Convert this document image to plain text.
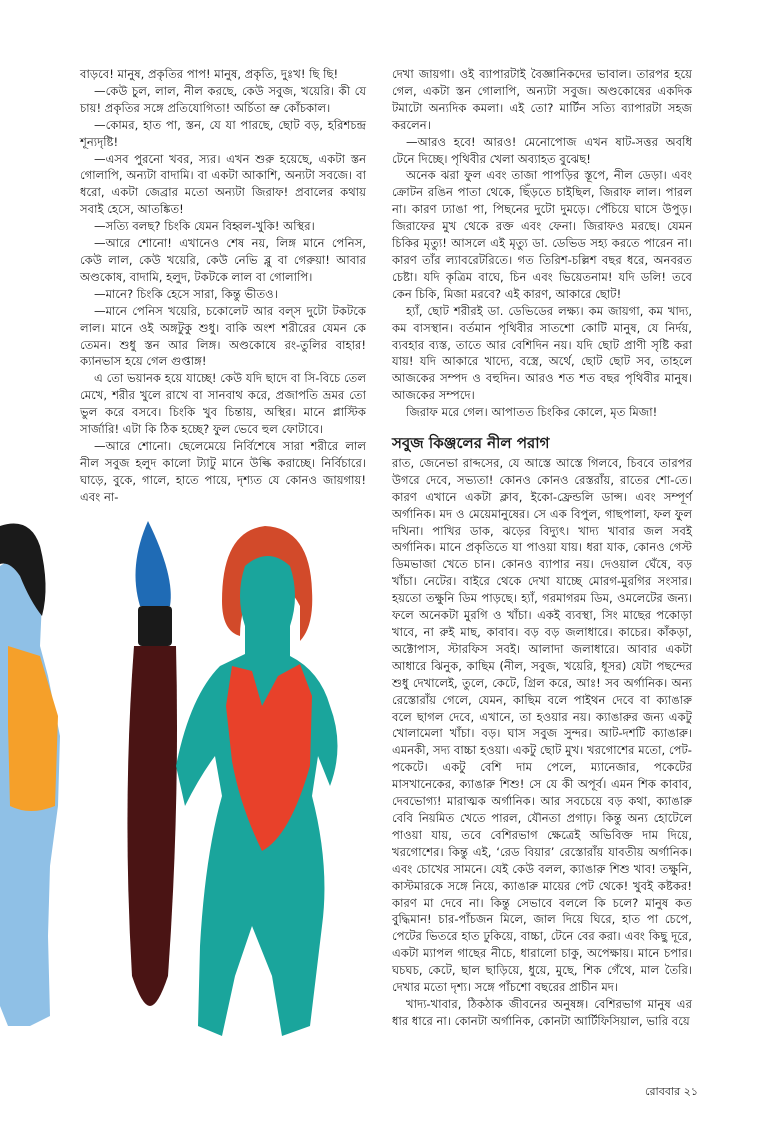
বাড়বে! মানুষ, প্রকৃতির পাপ! মানুষ, প্রকৃতি, দুঃখ! ছি ছি!

—কেউ চুল, লাল, নীল করছে, কেউ সবুজ, খয়েরি। কী যে চায়! প্রকৃতির সঙ্গে প্রতিযোগিতা! অর্চিতা ভ্রু কোঁচকাল।

—কোমর, হাত পা, স্তন, যে যা পারছে, ছোট বড়, হরিশচন্দ্র শূন্যদৃষ্টি!

—এসব পুরনো খবর, স্যর। এখন শুরু হয়েছে, একটা স্তন গোলাপি, অন্যটা বাদামি। বা একটা আকাশি, অন্যটা সবজে। বা ধরো, একটা জেব্রার মতো অন্যটা জিরাফ! প্রবালের কথায় সবাই হেসে, আতঙ্কিত!

—সত্যি বলছ? চিংকি যেমন বিহ্বল-খুকি! অস্থির।

—আরে শোনো! এখানেও শেষ নয়, লিঙ্গ মানে পেনিস, কেউ লাল, কেউ খয়েরি, কেউ নেভি ব্লু বা গেরুয়া! আবার অণ্ডকোষ, বাদামি, হলুদ, টকটকে লাল বা গোলাপি।

—মানে? চিংকি হেসে সারা, কিন্তু ভীতও।

—মানে পেনিস খয়েরি, চকোলেট আর বল্স দুটো টকটকে লাল। মানে ওই অঙ্গটুকু শুধু। বাকি অংশ শরীরের যেমন কে তেমন। শুধু স্তন আর লিঙ্গ। অণ্ডকোষে রং-তুলির বাহার! ক্যানভাস হয়ে গেল গুপ্তাঙ্গ!

এ তো ভয়ানক হয়ে যাচ্ছে! কেউ যদি ছাদে বা সি-বিচে তেল মেখে, শরীর খুলে রাখে বা সানবাথ করে, প্রজাপতি ভ্রমর তো ভুল করে বসবে। চিংকি খুব চিন্তায়, অস্থির। মানে প্লাস্টিক সার্জারি! এটা কি ঠিক হচ্ছে? ফুল ভেবে হুল ফোটাবে।

—আরে শোনো। ছেলেমেয়ে নির্বিশেষে সারা শরীরে লাল নীল সবুজ হলুদ কালো ট্যাটু মানে উল্কি করাচ্ছে। নির্বিচারে। ঘাড়ে, বুকে, গালে, হাতে পায়ে, দৃশ্যত যে কোনও জায়গায়! এবং না-

দেখা জায়গা। ওই ব্যাপারটাই বৈজ্ঞানিকদের ভাবাল। তারপর হয়ে গেল, একটা স্তন গোলাপি, অন্যটা সবুজ। অণ্ডকোষের একদিক টমাটো অন্যদিক কমলা। এই তো? মার্টিন সত্যি ব্যাপারটা সহজ করলেন।

—আরও হবে! আরও! মেনোপোজ এখন ষাট-সত্তর অবধি টেনে দিচ্ছে। পৃথিবীর খেলা অব্যাহত বুঝেছ!

অনেক ঝরা ফুল এবং তাজা পাপড়ির স্তূপে, নীল ডেড়া। এবং ক্রোটন রঙিন পাতা থেকে, ছিঁড়তে চাইছিল, জিরাফ লাল। পারল না। কারণ ঢ্যাঙা পা, পিছনের দুটো দুমড়ে। পেঁচিয়ে ঘাসে উপুড়। জিরাফের মুখ থেকে রক্ত এবং ফেনা। জিরাফও মরছে। যেমন চিকির মৃত্যু! আসলে এই মৃত্যু ডা. ডেভিড সহ্য করতে পারেন না। কারণ তাঁর ল্যাবরেটরিতে। গত তিরিশ-চল্লিশ বছর ধরে, অনবরত চেষ্টা। যদি কৃত্রিম বাঘে, চিন এবং ভিয়েতনাম! যদি ডলি! তবে কেন চিকি, মিজা মরবে? এই কারণ, আকারে ছোট!

হ্যাঁ, ছোট শরীরই ডা. ডেভিডের লক্ষ্য। কম জায়গা, কম খাদ্য, কম বাসস্থান। বর্তমান পৃথিবীর সাতশো কোটি মানুষ, যে নির্দয়, ব্যবহার ব্যস্ত, তাতে আর বেশিদিন নয়। যদি ছোট প্রাণী সৃষ্টি করা যায়! যদি আকারে খাদ্যে, বস্ত্রে, অর্থে, ছোট ছোট সব, তাহলে আজকের সম্পদ ও বহুদিন। আরও শত শত বছর পৃথিবীর মানুষ। আজকের সম্পদে।

জিরাফ মরে গেল। আপাতত চিংকির কোলে, মৃত মিজা!

সবুজ কিঞ্জলের নীল পরাগ

রাত, জেনেভা রাব্দসের, যে আস্তে আস্তে গিলবে, চিববে তারপর উগরে দেবে, সভ্যতা! কোনও কোনও রেস্তরাঁয়, রাতের শো-তে। কারণ এখানে একটা ক্লাব, ইকো-ফ্রেন্ডলি ডান্স। এবং সম্পূর্ণ অর্গানিক। মদ ও মেয়েমানুষের। সে এক বিপুল, গাছপালা, ফল ফুল দখিনা। পাখির ডাক, ঝড়ের বিদ্যুৎ। খাদ্য খাবার জল সবই অর্গানিক। মানে প্রকৃতিতে যা পাওয়া যায়। ধরা যাক, কোনও গেস্ট ডিমভাজা খেতে চান। কোনও ব্যাপার নয়। দেওয়াল ঘেঁষে, বড় খাঁচা। নেটের। বাইরে থেকে দেখা যাচ্ছে মোরগ-মুরগির সংসার। হয়তো তক্ষুনি ডিম পাড়ছে। হ্যাঁ, গরমাগরম ডিম, ওমলেটের জন্য। ফলে অনেকটা মুরগি ও খাঁচা। একই ব্যবস্থা, সিং মাছের পকোড়া খাবে, না রুই মাছ, কাবাব। বড় বড় জলাধারে। কাচের। কাঁকড়া, অক্টোপাস, স্টারফিস সবই। আলাদা জলাধারে। আবার একটা আধারে ঝিনুক, কাছিম (নীল, সবুজ, খয়েরি, ধূসর) যেটা পছন্দের শুধু দেখালেই, তুলে, কেটে, গ্রিল করে, আঃ! সব অর্গানিক। অন্য রেস্তোরাঁয় গেলে, যেমন, কাছিম বলে পাইথন দেবে বা ক্যাঙারু বলে ছাগল দেবে, এখানে, তা হওয়ার নয়। ক্যাঙারুর জন্য একটু খোলামেলা খাঁচা। বড়। ঘাস সবুজ সুন্দর। আট-দশটি ক্যাঙারু। এমনকী, সদ্য বাচ্চা হওয়া। একটু ছোট মুখ। খরগোশের মতো, পেট-পকেটে। একটু বেশি দাম পেলে, ম্যানেজার, পকেটের মাসখানেকের, ক্যাঙারু শিশু! সে যে কী অপূর্ব। এমন শিক কাবাব, দেবভোগ্য! মারাত্মক অর্গানিক। আর সবচেয়ে বড় কথা, ক্যাঙারু বেবি নিয়মিত খেতে পারল, যৌনতা প্রগাঢ়। কিন্তু অন্য হোটেলে পাওয়া যায়, তবে বেশিরভাগ ক্ষেত্রেই অভিবিক্ত দাম দিয়ে, খরগোশের। কিন্তু এই, ‘রেড বিয়ার’ রেস্তোরাঁয় যাবতীয় অর্গানিক। এবং চোখের সামনে। যেই কেউ বলল, ক্যাঙারু শিশু খাব! তক্ষুনি, কাস্টমারকে সঙ্গে নিয়ে, ক্যাঙারু মায়ের পেট থেকে! খুবই কষ্টকর! কারণ মা দেবে না। কিন্তু সেভাবে বললে কি চলে? মানুষ কত বুদ্ধিমান! চার-পাঁচজন মিলে, জাল দিয়ে ঘিরে, হাত পা চেপে, পেটের ভিতরে হাত ঢুকিয়ে, বাচ্চা, টেনে বের করা। এবং কিছু দূরে, একটা ম্যাপল গাছের নীচে, ধারালো চাকু, অপেক্ষায়। মানে চপার। ঘচঘচ, কেটে, ছাল ছাড়িয়ে, ধুয়ে, মুছে, শিক গেঁথে, মাল তৈরি। দেখার মতো দৃশ্য। সঙ্গে পাঁচশো বছরের প্রাচীন মদ।

খাদ্য-খাবার, ঠিকঠাক জীবনের অনুষঙ্গ। বেশিরভাগ মানুষ এর ধার ধারে না। কোনটা অর্গানিক, কোনটা আর্টিফিসিয়াল, ভারি বয়ে

রোববার ২১
